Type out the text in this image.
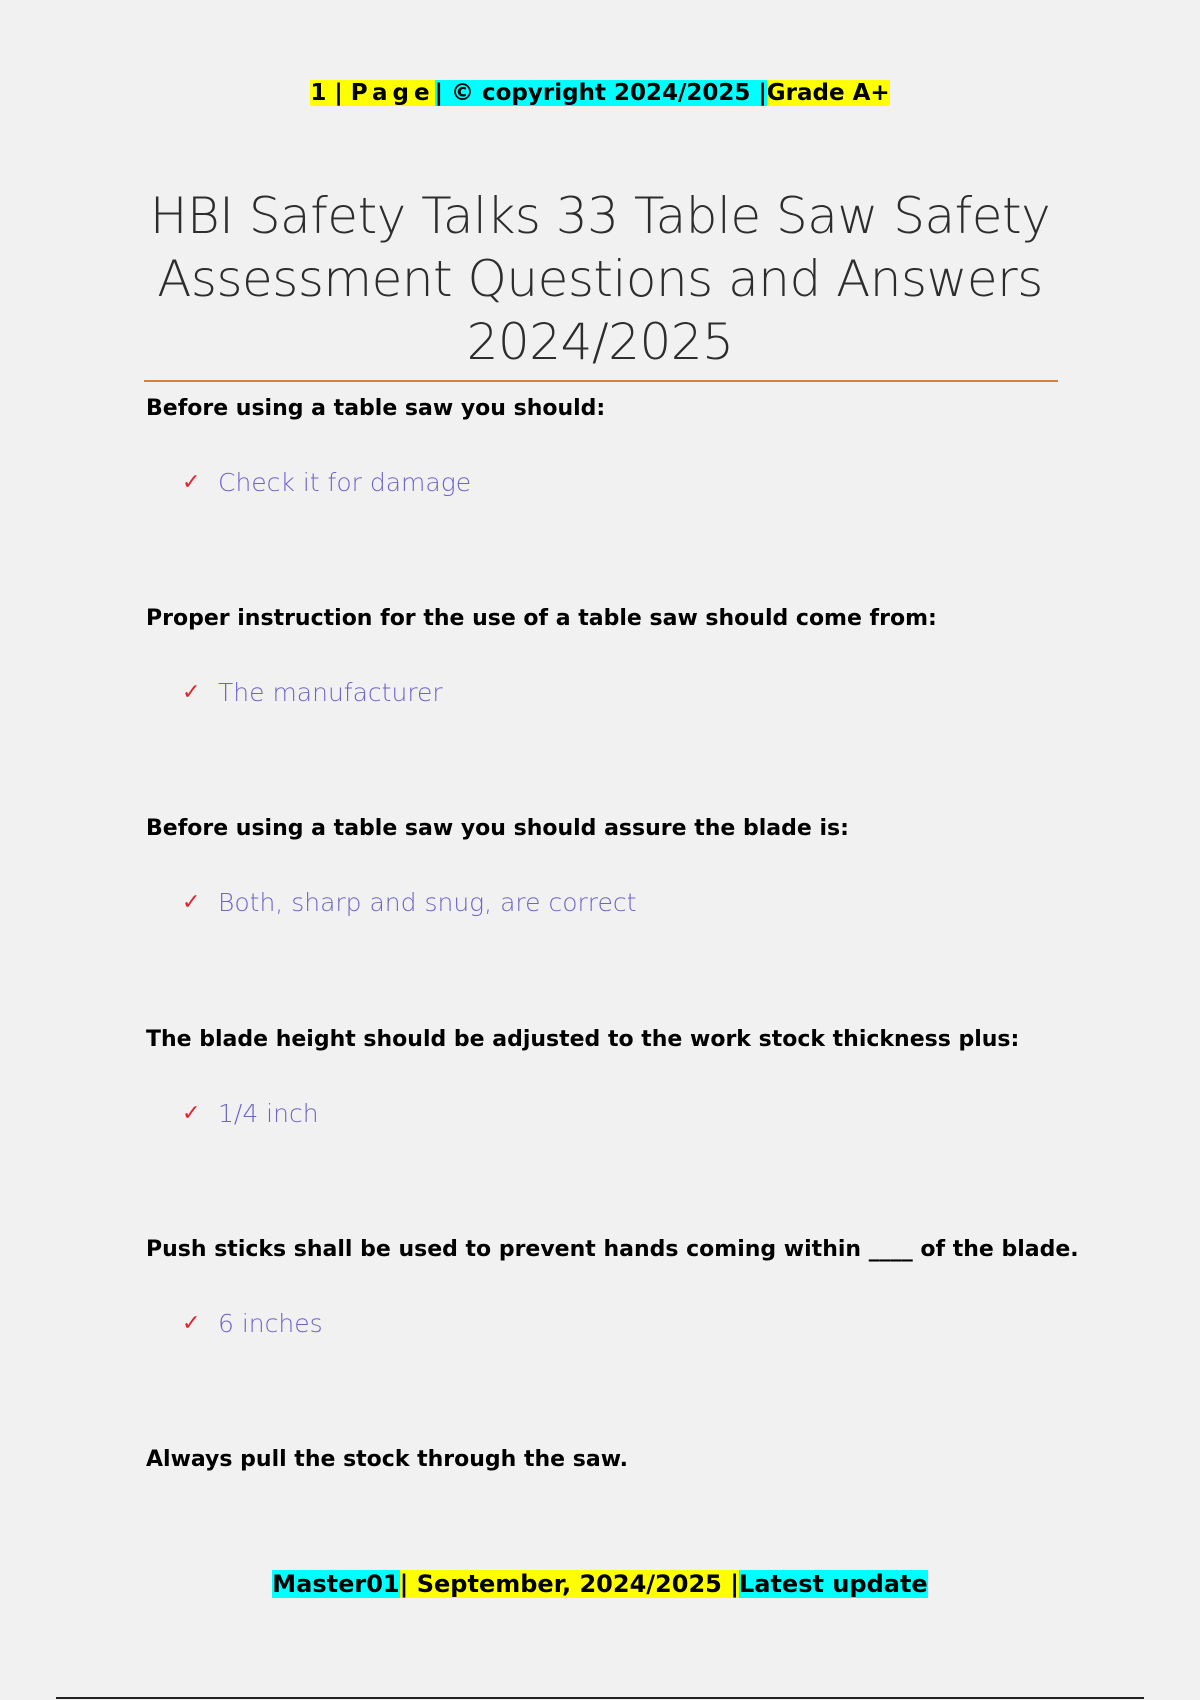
1 | Page| © copyright 2024/2025 |Grade A+
HBI Safety Talks 33 Table Saw Safety Assessment Questions and Answers 2024/2025

Before using a table saw you should:

✓ Check it for damage

Proper instruction for the use of a table saw should come from:

✓ The manufacturer

Before using a table saw you should assure the blade is:

✓ Both, sharp and snug, are correct

The blade height should be adjusted to the work stock thickness plus:

✓ 1/4 inch

Push sticks shall be used to prevent hands coming within ____ of the blade.

✓ 6 inches

Always pull the stock through the saw.

Master01| September, 2024/2025 |Latest update
